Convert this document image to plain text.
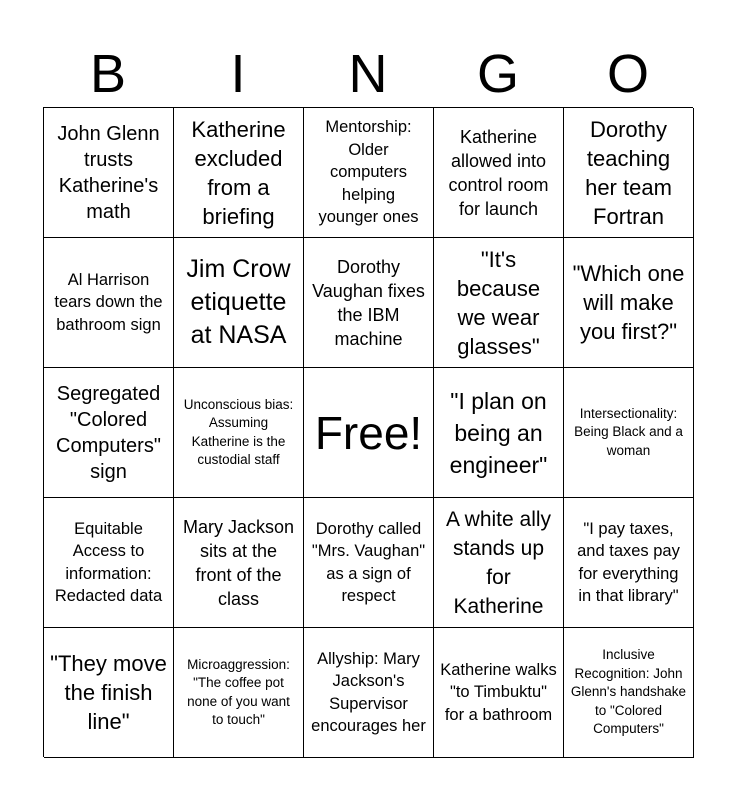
B	I	N	G	O
John Glenn trusts Katherine's math
Katherine excluded from a briefing
Mentorship: Older computers helping younger ones
Katherine allowed into control room for launch
Dorothy teaching her team Fortran
Al Harrison tears down the bathroom sign
Jim Crow etiquette at NASA
Dorothy Vaughan fixes the IBM machine
"It's because we wear glasses"
"Which one will make you first?"
Segregated "Colored Computers" sign
Unconscious bias: Assuming Katherine is the custodial staff
Free!
"I plan on being an engineer"
Intersectionality: Being Black and a woman
Equitable Access to information: Redacted data
Mary Jackson sits at the front of the class
Dorothy called "Mrs. Vaughan" as a sign of respect
A white ally stands up for Katherine
"I pay taxes, and taxes pay for everything in that library"
"They move the finish line"
Microaggression: "The coffee pot none of you want to touch"
Allyship: Mary Jackson's Supervisor encourages her
Katherine walks "to Timbuktu" for a bathroom
Inclusive Recognition: John Glenn's handshake to "Colored Computers"
